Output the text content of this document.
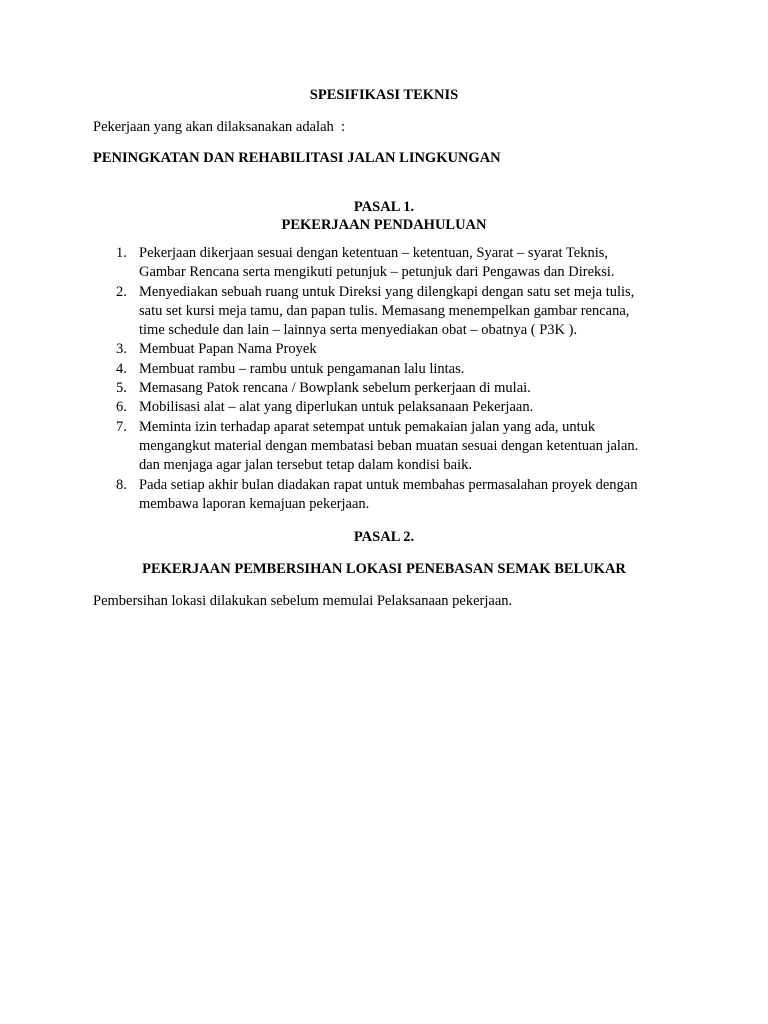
SPESIFIKASI TEKNIS

Pekerjaan yang akan dilaksanakan adalah  :

PENINGKATAN DAN REHABILITASI JALAN LINGKUNGAN

PASAL 1.
PEKERJAAN PENDAHULUAN
1. Pekerjaan dikerjaan sesuai dengan ketentuan – ketentuan, Syarat – syarat Teknis,
Gambar Rencana serta mengikuti petunjuk – petunjuk dari Pengawas dan Direksi.
2. Menyediakan sebuah ruang untuk Direksi yang dilengkapi dengan satu set meja tulis,
satu set kursi meja tamu, dan papan tulis. Memasang menempelkan gambar rencana,
time schedule dan lain – lainnya serta menyediakan obat – obatnya ( P3K ).
3. Membuat Papan Nama Proyek
4. Membuat rambu – rambu untuk pengamanan lalu lintas.
5. Memasang Patok rencana / Bowplank sebelum perkerjaan di mulai.
6. Mobilisasi alat – alat yang diperlukan untuk pelaksanaan Pekerjaan.
7. Meminta izin terhadap aparat setempat untuk pemakaian jalan yang ada, untuk
mengangkut material dengan membatasi beban muatan sesuai dengan ketentuan jalan.
dan menjaga agar jalan tersebut tetap dalam kondisi baik.
8. Pada setiap akhir bulan diadakan rapat untuk membahas permasalahan proyek dengan
membawa laporan kemajuan pekerjaan.

PASAL 2.

PEKERJAAN PEMBERSIHAN LOKASI PENEBASAN SEMAK BELUKAR

Pembersihan lokasi dilakukan sebelum memulai Pelaksanaan pekerjaan.
